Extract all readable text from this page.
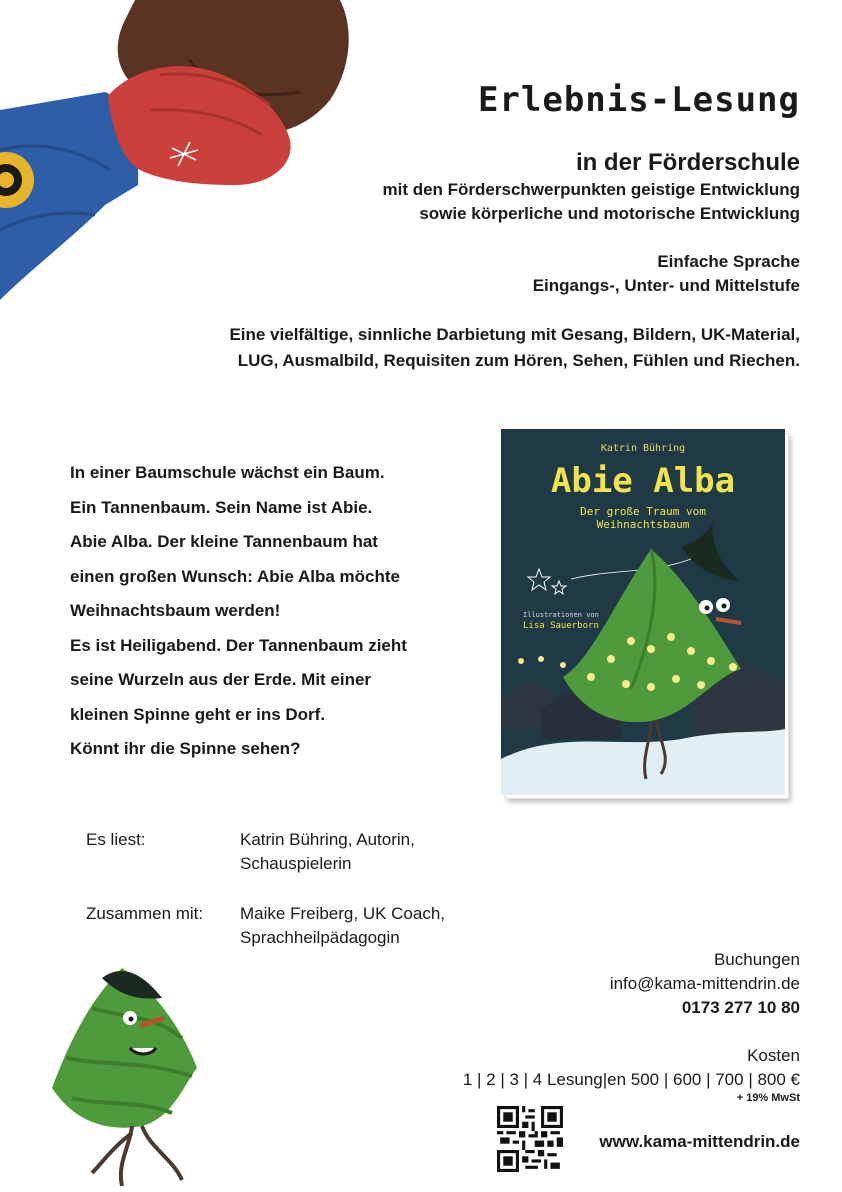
Erlebnis-Lesung
in der Förderschule
mit den Förderschwerpunkten geistige Entwicklung
sowie körperliche und motorische Entwicklung
Einfache Sprache
Eingangs-, Unter- und Mittelstufe
Eine vielfältige, sinnliche Darbietung mit Gesang, Bildern, UK-Material,
LUG, Ausmalbild, Requisiten zum Hören, Sehen, Fühlen und Riechen.
In einer Baumschule wächst ein Baum.
Ein Tannenbaum. Sein Name ist Abie.
Abie Alba. Der kleine Tannenbaum hat
einen großen Wunsch: Abie Alba möchte
Weihnachtsbaum werden!
Es ist Heiligabend. Der Tannenbaum zieht
seine Wurzeln aus der Erde. Mit einer
kleinen Spinne geht er ins Dorf.
Könnt ihr die Spinne sehen?
Katrin Bühring
Abie Alba
Der große Traum vom
Weihnachtsbaum
Illustrationen von
Lisa Sauerborn
Es liest:	Katrin Bühring, Autorin,
Schauspielerin
Zusammen mit:	Maike Freiberg, UK Coach,
Sprachheilpädagogin
Buchungen
info@kama-mittendrin.de
0173 277 10 80
Kosten
1 | 2 | 3 | 4 Lesung|en 500 | 600 | 700 | 800 €
+ 19% MwSt
www.kama-mittendrin.de
